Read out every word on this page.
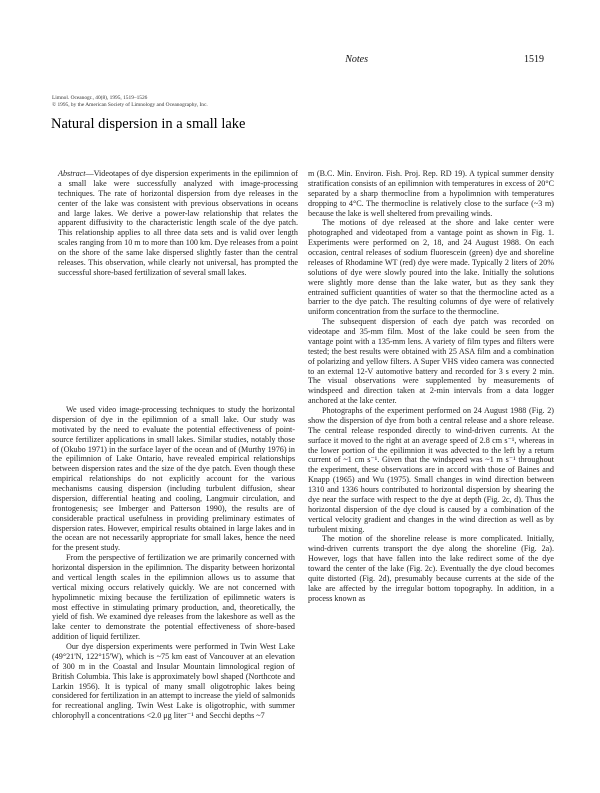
Notes	1519
Limnol. Oceanogr., 40(8), 1995, 1519–1526
© 1995, by the American Society of Limnology and Oceanography, Inc.
Natural dispersion in a small lake
Abstract—Videotapes of dye dispersion experiments in the epilimnion of a small lake were successfully analyzed with image-processing techniques. The rate of horizontal dispersion from dye releases in the center of the lake was consistent with previous observations in oceans and large lakes. We derive a power-law relationship that relates the apparent diffusivity to the characteristic length scale of the dye patch. This relationship applies to all three data sets and is valid over length scales ranging from 10 m to more than 100 km. Dye releases from a point on the shore of the same lake dispersed slightly faster than the central releases. This observation, while clearly not universal, has prompted the successful shore-based fertilization of several small lakes.

We used video image-processing techniques to study the horizontal dispersion of dye in the epilimnion of a small lake. Our study was motivated by the need to evaluate the potential effectiveness of point-source fertilizer applications in small lakes. Similar studies, notably those of (Okubo 1971) in the surface layer of the ocean and of (Murthy 1976) in the epilimnion of Lake Ontario, have revealed empirical relationships between dispersion rates and the size of the dye patch. Even though these empirical relationships do not explicitly account for the various mechanisms causing dispersion (including turbulent diffusion, shear dispersion, differential heating and cooling, Langmuir circulation, and frontogenesis; see Imberger and Patterson 1990), the results are of considerable practical usefulness in providing preliminary estimates of dispersion rates. However, empirical results obtained in large lakes and in the ocean are not necessarily appropriate for small lakes, hence the need for the present study.

From the perspective of fertilization we are primarily concerned with horizontal dispersion in the epilimnion. The disparity between horizontal and vertical length scales in the epilimnion allows us to assume that vertical mixing occurs relatively quickly. We are not concerned with hypolimnetic mixing because the fertilization of epilimnetic waters is most effective in stimulating primary production, and, theoretically, the yield of fish. We examined dye releases from the lakeshore as well as the lake center to demonstrate the potential effectiveness of shore-based addition of liquid fertilizer.

Our dye dispersion experiments were performed in Twin West Lake (49°21'N, 122°15'W), which is ~75 km east of Vancouver at an elevation of 300 m in the Coastal and Insular Mountain limnological region of British Columbia. This lake is approximately bowl shaped (Northcote and Larkin 1956). It is typical of many small oligotrophic lakes being considered for fertilization in an attempt to increase the yield of salmonids for recreational angling. Twin West Lake is oligotrophic, with summer chlorophyll a concentrations <2.0 μg liter⁻¹ and Secchi depths ~7

m (B.C. Min. Environ. Fish. Proj. Rep. RD 19). A typical summer density stratification consists of an epilimnion with temperatures in excess of 20°C separated by a sharp thermocline from a hypolimnion with temperatures dropping to 4°C. The thermocline is relatively close to the surface (~3 m) because the lake is well sheltered from prevailing winds.

The motions of dye released at the shore and lake center were photographed and videotaped from a vantage point as shown in Fig. 1. Experiments were performed on 2, 18, and 24 August 1988. On each occasion, central releases of sodium fluorescein (green) dye and shoreline releases of Rhodamine WT (red) dye were made. Typically 2 liters of 20% solutions of dye were slowly poured into the lake. Initially the solutions were slightly more dense than the lake water, but as they sank they entrained sufficient quantities of water so that the thermocline acted as a barrier to the dye patch. The resulting columns of dye were of relatively uniform concentration from the surface to the thermocline.

The subsequent dispersion of each dye patch was recorded on videotape and 35-mm film. Most of the lake could be seen from the vantage point with a 135-mm lens. A variety of film types and filters were tested; the best results were obtained with 25 ASA film and a combination of polarizing and yellow filters. A Super VHS video camera was connected to an external 12-V automotive battery and recorded for 3 s every 2 min. The visual observations were supplemented by measurements of windspeed and direction taken at 2-min intervals from a data logger anchored at the lake center.

Photographs of the experiment performed on 24 August 1988 (Fig. 2) show the dispersion of dye from both a central release and a shore release. The central release responded directly to wind-driven currents. At the surface it moved to the right at an average speed of 2.8 cm s⁻¹, whereas in the lower portion of the epilimnion it was advected to the left by a return current of ~1 cm s⁻¹. Given that the windspeed was ~1 m s⁻¹ throughout the experiment, these observations are in accord with those of Baines and Knapp (1965) and Wu (1975). Small changes in wind direction between 1310 and 1336 hours contributed to horizontal dispersion by shearing the dye near the surface with respect to the dye at depth (Fig. 2c, d). Thus the horizontal dispersion of the dye cloud is caused by a combination of the vertical velocity gradient and changes in the wind direction as well as by turbulent mixing.

The motion of the shoreline release is more complicated. Initially, wind-driven currents transport the dye along the shoreline (Fig. 2a). However, logs that have fallen into the lake redirect some of the dye toward the center of the lake (Fig. 2c). Eventually the dye cloud becomes quite distorted (Fig. 2d), presumably because currents at the side of the lake are affected by the irregular bottom topography. In addition, in a process known as
